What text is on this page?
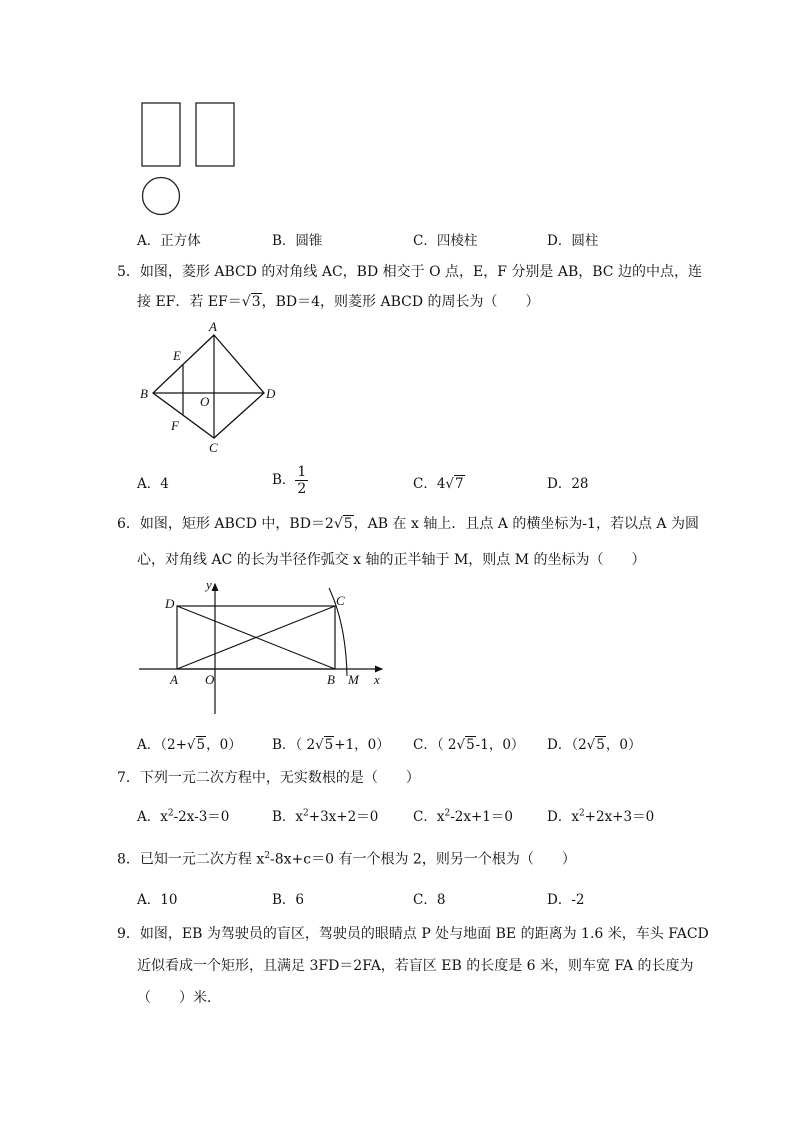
A．正方体	B．圆锥	C．四棱柱	D．圆柱
5．如图，菱形 ABCD 的对角线 AC，BD 相交于 O 点，E，F 分别是 AB，BC 边的中点，连
接 EF．若 EF＝√3，BD＝4，则菱形 ABCD 的周长为（　　）
A
E
B
O
D
F
C
A．4	B． $\frac{1}{2}$	C．4√7	D．28
6．如图，矩形 ABCD 中，BD＝2√5，AB 在 x 轴上．且点 A 的横坐标为-1，若以点 A 为圆
心，对角线 AC 的长为半径作弧交 x 轴的正半轴于 M，则点 M 的坐标为（　　）
y
D	C
A O	B M x
A．（2+√5，0） B．（ 2√5+1，0） C．（ 2√5-1，0） D．（2√5，0）
7．下列一元二次方程中，无实数根的是（　　）
A．$x^2-2x-3=0$	B．$x^2+3x+2=0$	C．$x^2-2x+1=0$	D．$x^2+2x+3=0$
8．已知一元二次方程 $x^2-8x+c=0$ 有一个根为 2，则另一个根为（　　）
A．10	B．6	C．8	D．-2
9．如图，EB 为驾驶员的盲区，驾驶员的眼睛点 P 处与地面 BE 的距离为 1.6 米，车头 FACD
近似看成一个矩形，且满足 3FD＝2FA，若盲区 EB 的长度是 6 米，则车宽 FA 的长度为
（　　）米．
